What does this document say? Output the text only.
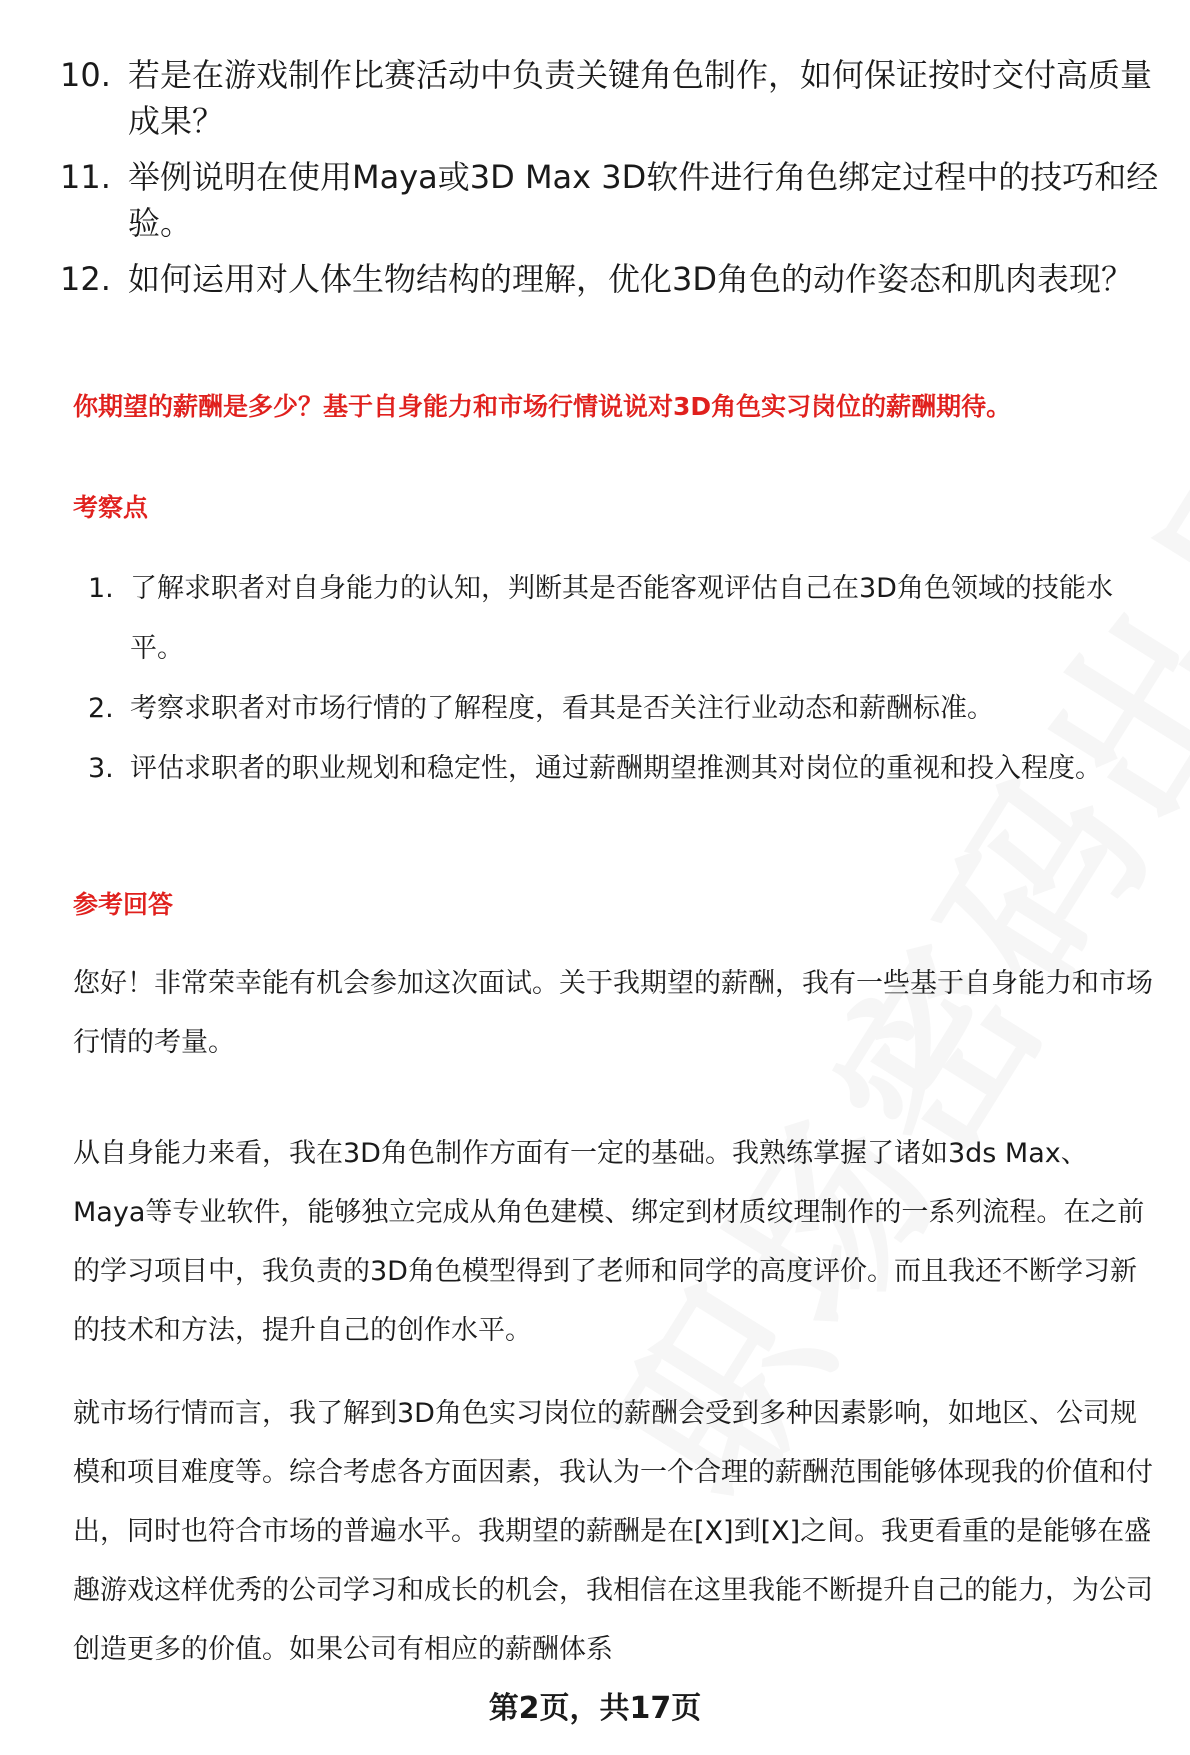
10. 若是在游戏制作比赛活动中负责关键角色制作，如何保证按时交付高质量成果？
11. 举例说明在使用Maya或3D Max 3D软件进行角色绑定过程中的技巧和经验。
12. 如何运用对人体生物结构的理解，优化3D角色的动作姿态和肌肉表现？
你期望的薪酬是多少？基于自身能力和市场行情说说对3D角色实习岗位的薪酬期待。
考察点
1. 了解求职者对自身能力的认知，判断其是否能客观评估自己在3D角色领域的技能水平。
2. 考察求职者对市场行情的了解程度，看其是否关注行业动态和薪酬标准。
3. 评估求职者的职业规划和稳定性，通过薪酬期望推测其对岗位的重视和投入程度。
参考回答
您好！非常荣幸能有机会参加这次面试。关于我期望的薪酬，我有一些基于自身能力和市场行情的考量。
从自身能力来看，我在3D角色制作方面有一定的基础。我熟练掌握了诸如3ds Max、Maya等专业软件，能够独立完成从角色建模、绑定到材质纹理制作的一系列流程。在之前的学习项目中，我负责的3D角色模型得到了老师和同学的高度评价。而且我还不断学习新的技术和方法，提升自己的创作水平。
就市场行情而言，我了解到3D角色实习岗位的薪酬会受到多种因素影响，如地区、公司规模和项目难度等。综合考虑各方面因素，我认为一个合理的薪酬范围能够体现我的价值和付出，同时也符合市场的普遍水平。我期望的薪酬是在[X]到[X]之间。我更看重的是能够在盛趣游戏这样优秀的公司学习和成长的机会，我相信在这里我能不断提升自己的能力，为公司创造更多的价值。如果公司有相应的薪酬体系
第2页，共17页
